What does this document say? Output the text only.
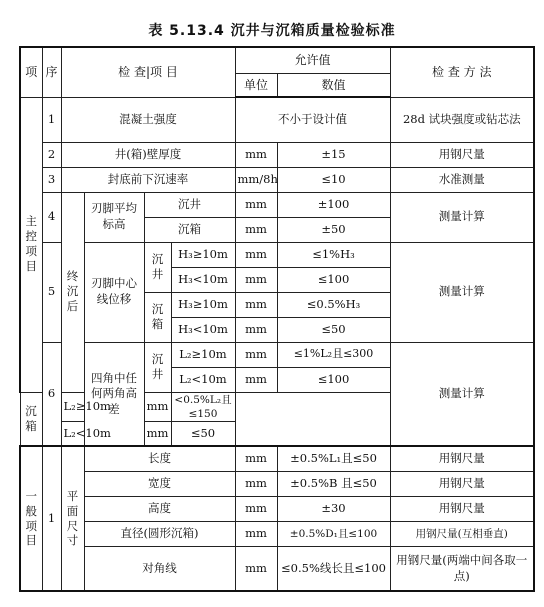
表 5.13.4 沉井与沉箱质量检验标准
项	序	检 查|项 目				允许值		检 查 方 法
						单位	数值	
主控项目	1	混凝土强度				不小于设计值		28d 试块强度或钻芯法
	2	井(箱)壁厚度				mm	±15	用钢尺量
	3	封底前下沉速率				mm/8h	≤10	水准测量
	4	终沉后	刃脚平均标高	沉井		mm	±100	测量计算
				沉箱		mm	±50	
	5		刃脚中心线位移	沉井	H₃≥10m	mm	≤1%H₃	测量计算
					H₃<10m	mm	≤100	
				沉箱	H₃≥10m	mm	≤0.5%H₃	
					H₃<10m	mm	≤50	
	6		四角中任何两角高差	沉井	L₂≥10m	mm	≤1%L₂且≤300	测量计算
					L₂<10m	mm	≤100	
沉箱		L₂≥10m		mm	<0.5%L₂且≤150			
		L₂<10m		mm	≤50			
一般项目	1	平面尺寸	长度			mm	±0.5%L₁且≤50	用钢尺量
			宽度			mm	±0.5%B 且≤50	用钢尺量
			高度			mm	±30	用钢尺量
			直径(圆形沉箱)			mm	±0.5%D₁且≤100	用钢尺量(互相垂直)
			对角线			mm	≤0.5%线长且≤100	用钢尺量(两端中间各取一点)
